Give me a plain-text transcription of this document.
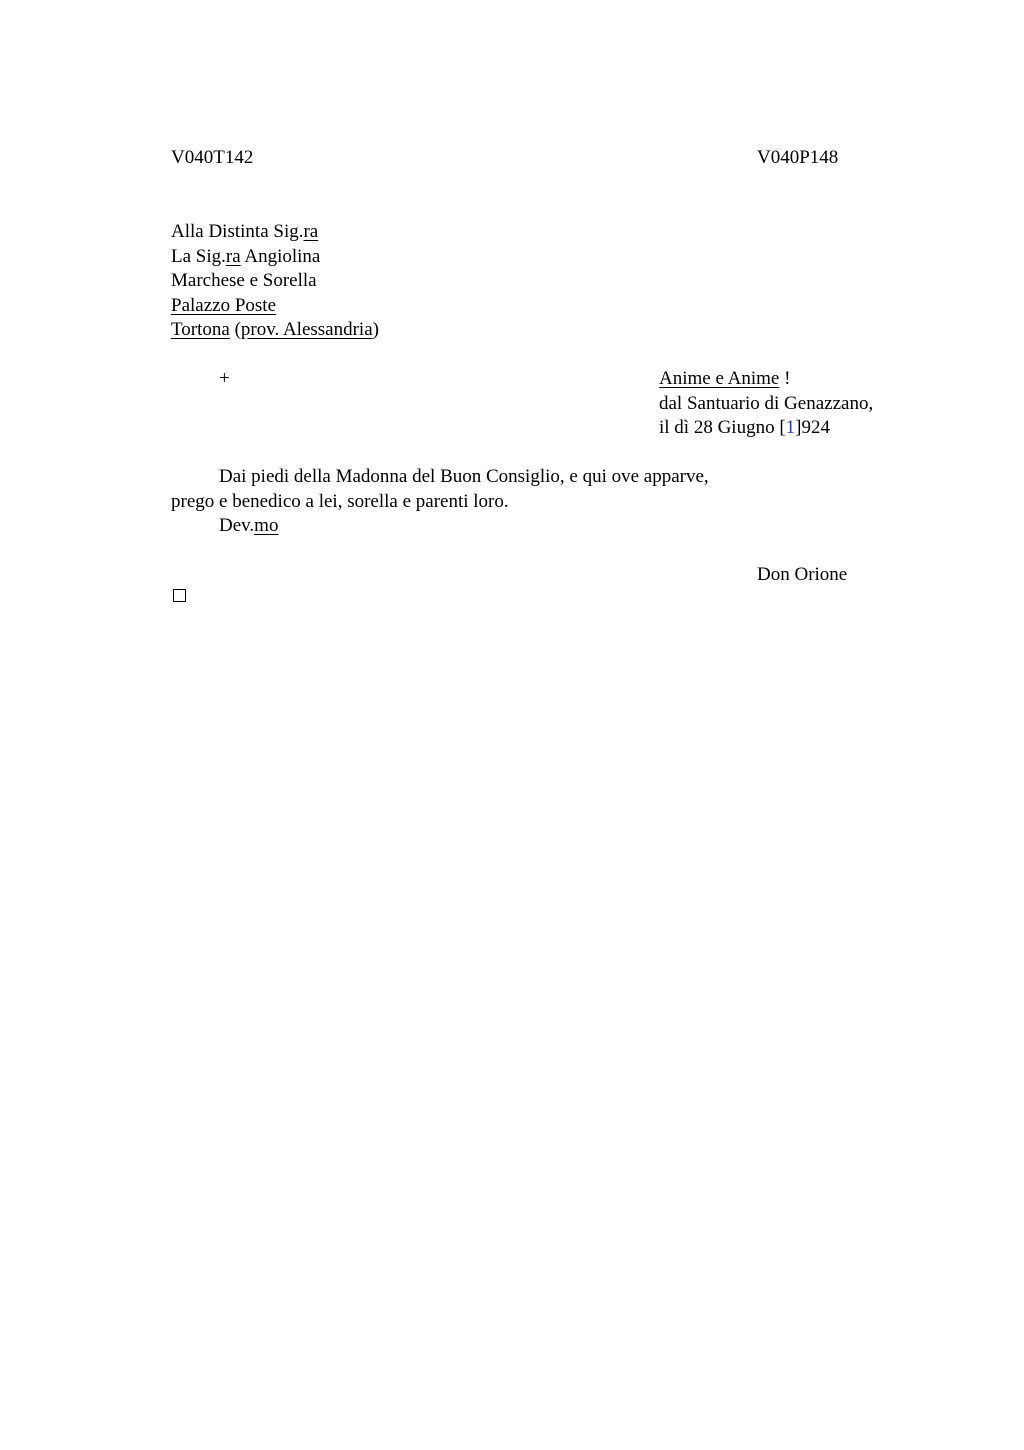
V040T142	V040P148
Alla Distinta Sig.ra
La Sig.ra Angiolina
Marchese e Sorella
Palazzo Poste
Tortona (prov. Alessandria)
+	Anime e Anime !
dal Santuario di Genazzano,
il dì 28 Giugno [1]924
Dai piedi della Madonna del Buon Consiglio, e qui ove apparve,
prego e benedico a lei, sorella e parenti loro.
Dev.mo
Don Orione
